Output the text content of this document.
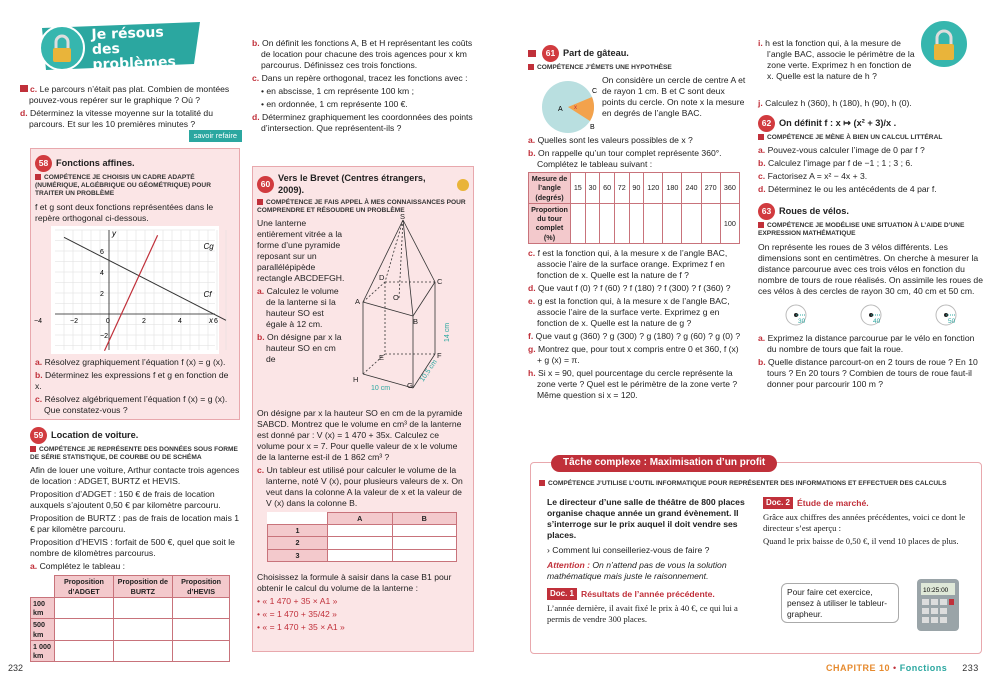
Je résous
des problèmes
c. Le parcours n’était pas plat. Combien de montées pouvez-vous repérer sur le graphique ? Où ?
d. Déterminez la vitesse moyenne sur la totalité du parcours. Et sur les 10 premières minutes ?
savoir refaire
58 Fonctions affines.
COMPÉTENCE JE CHOISIS UN CADRE ADAPTÉ (NUMÉRIQUE, ALGÉBRIQUE OU GÉOMÉTRIQUE) POUR TRAITER UN PROBLÈME
f et g sont deux fonctions représentées dans le repère orthogonal ci-dessous.
6
4
2
−2
−4	−2	0	2	4	6
y
x
Cg
Cf
a. Résolvez graphiquement l’équation f (x) = g (x).
b. Déterminez les expressions f et g en fonction de x.
c. Résolvez algébriquement l’équation f (x) = g (x). Que constatez-vous ?
59 Location de voiture.
COMPÉTENCE JE REPRÉSENTE DES DONNÉES SOUS FORME DE SÉRIE STATISTIQUE, DE COURBE OU DE SCHÉMA
Afin de louer une voiture, Arthur contacte trois agences de location : ADGET, BURTZ et HEVIS.
Proposition d’ADGET : 150 € de frais de location auxquels s’ajoutent 0,50 € par kilomètre parcouru.
Proposition de BURTZ : pas de frais de location mais 1 € par kilomètre parcouru.
Proposition d’HEVIS : forfait de 500 €, quel que soit le nombre de kilomètres parcourus.
a. Complétez le tableau :
	Proposition d’ADGET	Proposition de BURTZ	Proposition d’HEVIS
100 km			
500 km			
1 000 km			
b. On définit les fonctions A, B et H représentant les coûts de location pour chacune des trois agences pour x km parcourus. Définissez ces trois fonctions.
c. Dans un repère orthogonal, tracez les fonctions avec :
• en abscisse, 1 cm représente 100 km ;
• en ordonnée, 1 cm représente 100 €.
d. Déterminez graphiquement les coordonnées des points d’intersection. Que représentent-ils ?
60
Vers le Brevet (Centres étrangers, 2009).
COMPÉTENCE JE FAIS APPEL À MES CONNAISSANCES POUR COMPRENDRE ET RÉSOUDRE UN PROBLÈME
Une lanterne entièrement vitrée a la forme d’une pyramide reposant sur un parallélépipède rectangle ABCDEFGH.
a. Calculez le volume de la lanterne si la hauteur SO est égale à 12 cm.
S
A
B
C
D
E	F
G
H
O
10 cm
10,5 cm
14 cm
b. On désigne par x la hauteur SO en cm de
On désigne par x la hauteur SO en cm de la pyramide SABCD. Montrez que le volume en cm³ de la lanterne est donné par : V (x) = 1 470 + 35x. Calculez ce volume pour x = 7. Pour quelle valeur de x le volume de la lanterne est-il de 1 862 cm³ ?
c. Un tableur est utilisé pour calculer le volume de la lanterne, noté V (x), pour plusieurs valeurs de x. On veut dans la colonne A la valeur de x et la valeur de V (x) dans la colonne B.
	A	B
1		
2		
3		
Choisissez la formule à saisir dans la case B1 pour obtenir le calcul du volume de la lanterne :
• « 1 470 + 35 × A1 »
• « = 1 470 + 35/42 »
• « = 1 470 + 35 × A1 »
232
61 Part de gâteau.
COMPÉTENCE J’ÉMETS UNE HYPOTHÈSE
A
B
C
x
On considère un cercle de centre A et de rayon 1 cm. B et C sont deux points du cercle. On note x la mesure en degrés de l’angle BAC.
a. Quelles sont les valeurs possibles de x ?
b. On rappelle qu’un tour complet représente 360°. Complétez le tableau suivant :
Mesure de l’angle (degrés)	15	30	60	72	90	120	180	240	270	360
Proportion du tour complet (%)										100
c. f est la fonction qui, à la mesure x de l’angle BAC, associe l’aire de la surface orange. Exprimez f en fonction de x. Quelle est la nature de f ?
d. Que vaut f (0) ? f (60) ? f (180) ? f (300) ? f (360) ?
e. g est la fonction qui, à la mesure x de l’angle BAC, associe l’aire de la surface verte. Exprimez g en fonction de x. Quelle est la nature de g ?
f. Que vaut g (360) ? g (300) ? g (180) ? g (60) ? g (0) ?
g. Montrez que, pour tout x compris entre 0 et 360, f (x) + g (x) = π.
h. Si x = 90, quel pourcentage du cercle représente la zone verte ? Quel est le périmètre de la zone verte ? Même question si x = 120.
i. h est la fonction qui, à la mesure de l’angle BAC, associe le périmètre de la zone verte. Exprimez h en fonction de x. Quelle est la nature de h ?
j. Calculez h (360), h (180), h (90), h (0).
62 On définit f : x ↦ (x² + 3)/x .
COMPÉTENCE JE MÈNE À BIEN UN CALCUL LITTÉRAL
a. Pouvez-vous calculer l’image de 0 par f ?
b. Calculez l’image par f de −1 ; 1 ; 3 ; 6.
c. Factorisez A = x² − 4x + 3.
d. Déterminez le ou les antécédents de 4 par f.
63 Roues de vélos.
COMPÉTENCE JE MODÉLISE UNE SITUATION À L’AIDE D’UNE EXPRESSION MATHÉMATIQUE
On représente les roues de 3 vélos différents. Les dimensions sont en centimètres. On cherche à mesurer la distance parcourue avec ces trois vélos en fonction du nombre de tours de roue réalisés. On assimile les roues de ces vélos à des cercles de rayon 30 cm, 40 cm et 50 cm.
30	40	50
a. Exprimez la distance parcourue par le vélo en fonction du nombre de tours que fait la roue.
b. Quelle distance parcourt-on en 2 tours de roue ? En 10 tours ? En 20 tours ? Combien de tours de roue faut-il donner pour parcourir 100 m ?
Tâche complexe : Maximisation d’un profit
COMPÉTENCE J’UTILISE L’OUTIL INFORMATIQUE POUR REPRÉSENTER DES INFORMATIONS ET EFFECTUER DES CALCULS
Le directeur d’une salle de théâtre de 800 places organise chaque année un grand évènement. Il s’interroge sur le prix auquel il doit vendre ses places.
› Comment lui conseilleriez-vous de faire ?
Attention : On n’attend pas de vous la solution mathématique mais juste le raisonnement.
Doc. 1 Résultats de l’année précédente.
L’année dernière, il avait fixé le prix à 40 €, ce qui lui a permis de vendre 300 places.
Doc. 2 Étude de marché.
Grâce aux chiffres des années précédentes, voici ce dont le directeur s’est aperçu :
Quand le prix baisse de 0,50 €, il vend 10 places de plus.
Pour faire cet exercice, pensez à utiliser le tableur-grapheur.
10:25:00
CHAPITRE 10 • Fonctions 233
